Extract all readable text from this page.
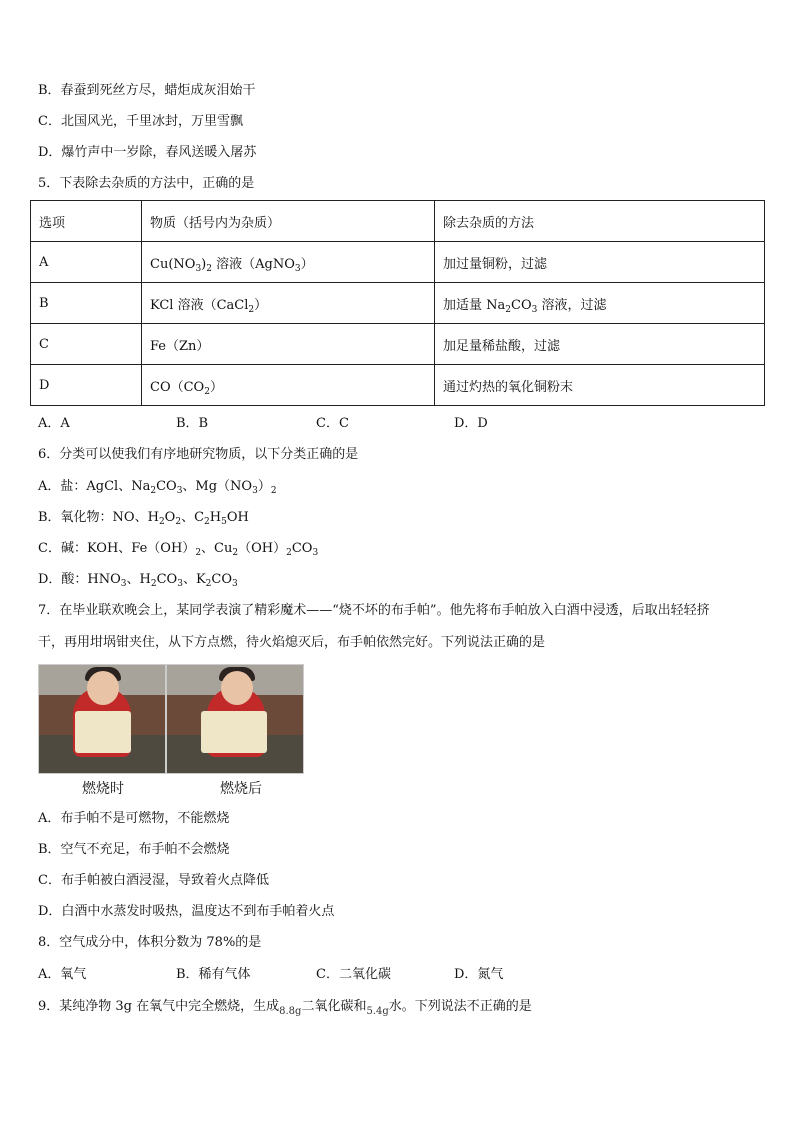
B．春蚕到死丝方尽，蜡炬成灰泪始干
C．北国风光，千里冰封，万里雪飘
D．爆竹声中一岁除，春风送暖入屠苏
5．下表除去杂质的方法中，正确的是
选项	物质（括号内为杂质）	除去杂质的方法
A	$Cu(NO_3)_2$ 溶液（AgNO$_3$）	加过量铜粉，过滤
B	KCl 溶液（CaCl$_2$）	加适量 $Na_2CO_3$ 溶液，过滤
C	Fe（Zn）	加足量稀盐酸，过滤
D	$CO(CO_2)$	通过灼热的氧化铜粉末
A．A	B．B	C．C	D．D
6．分类可以使我们有序地研究物质，以下分类正确的是
A．盐：AgCl、$Na_2CO_3$、$Mg(NO_3)_2$
B．氧化物：NO、$H_2O_2$、$C_2H_5OH$
C．碱：KOH、$Fe(OH)_2$、$Cu_2(OH)_2CO_3$
D．酸：$HNO_3$、$H_2CO_3$、$K_2CO_3$
7．在毕业联欢晚会上，某同学表演了精彩魔术——“烧不坏的布手帕”。他先将布手帕放入白酒中浸透，后取出轻轻挤
干，再用坩埚钳夹住，从下方点燃，待火焰熄灭后，布手帕依然完好。下列说法正确的是
燃烧时	燃烧后
A．布手帕不是可燃物，不能燃烧
B．空气不充足，布手帕不会燃烧
C．布手帕被白酒浸湿，导致着火点降低
D．白酒中水蒸发时吸热，温度达不到布手帕着火点
8．空气成分中，体积分数为 78%的是
A．氧气	B．稀有气体	C．二氧化碳	D．氮气
9．某纯净物 3g 在氧气中完全燃烧，生成$_{8.8g}$二氧化碳和$_{5.4g}$水。下列说法不正确的是
